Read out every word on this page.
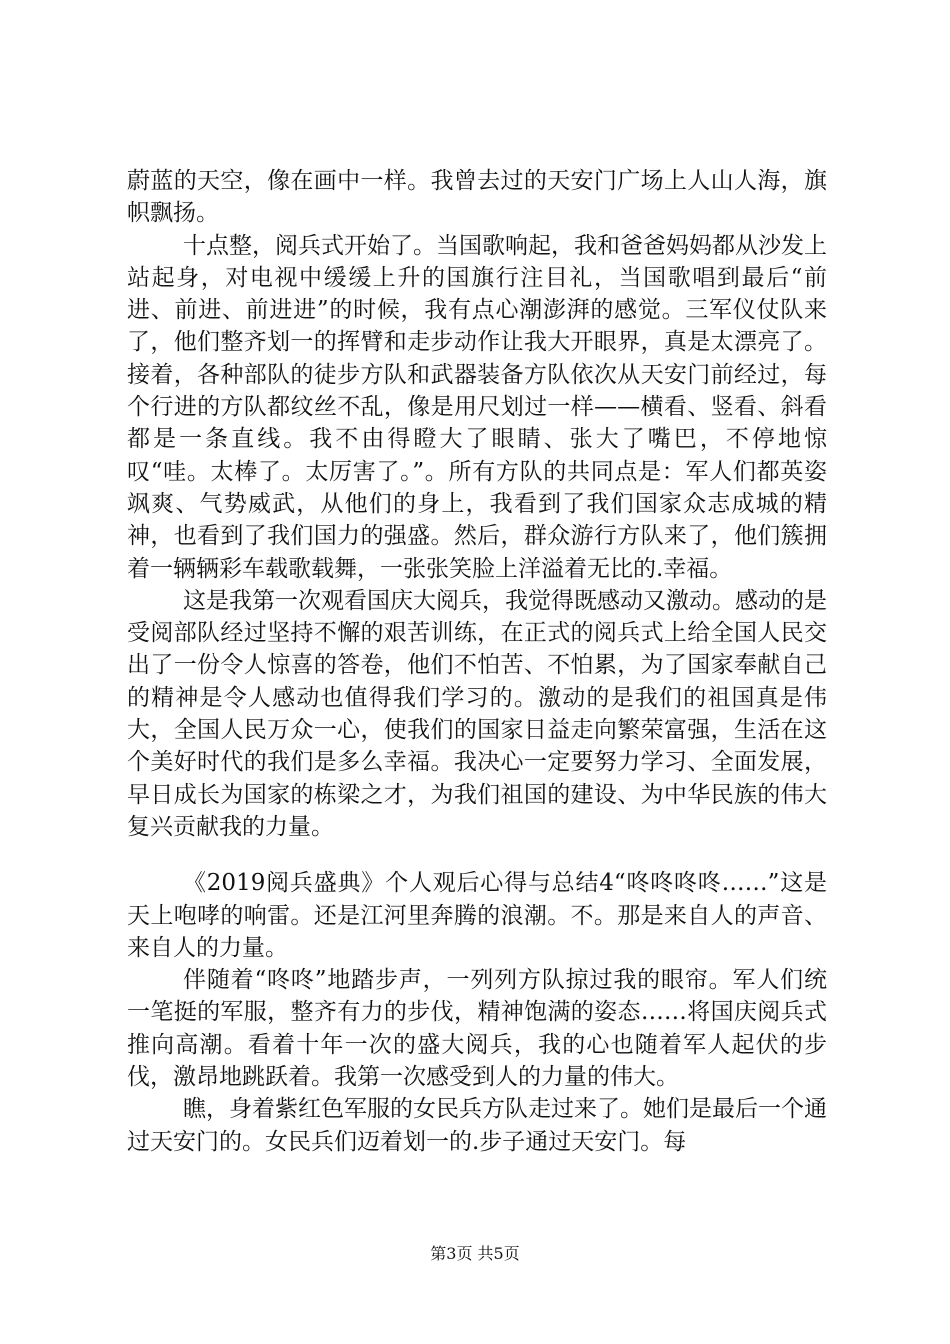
蔚蓝的天空，像在画中一样。我曾去过的天安门广场上人山人海，旗帜飘扬。

十点整，阅兵式开始了。当国歌响起，我和爸爸妈妈都从沙发上站起身，对电视中缓缓上升的国旗行注目礼，当国歌唱到最后“前进、前进、前进进”的时候，我有点心潮澎湃的感觉。三军仪仗队来了，他们整齐划一的挥臂和走步动作让我大开眼界，真是太漂亮了。接着，各种部队的徒步方队和武器装备方队依次从天安门前经过，每个行进的方队都纹丝不乱，像是用尺划过一样——横看、竖看、斜看都是一条直线。我不由得瞪大了眼睛、张大了嘴巴，不停地惊叹“哇。太棒了。太厉害了。”。所有方队的共同点是：军人们都英姿飒爽、气势威武，从他们的身上，我看到了我们国家众志成城的精神，也看到了我们国力的强盛。然后，群众游行方队来了，他们簇拥着一辆辆彩车载歌载舞，一张张笑脸上洋溢着无比的.幸福。

这是我第一次观看国庆大阅兵，我觉得既感动又激动。感动的是受阅部队经过坚持不懈的艰苦训练，在正式的阅兵式上给全国人民交出了一份令人惊喜的答卷，他们不怕苦、不怕累，为了国家奉献自己的精神是令人感动也值得我们学习的。激动的是我们的祖国真是伟大，全国人民万众一心，使我们的国家日益走向繁荣富强，生活在这个美好时代的我们是多么幸福。我决心一定要努力学习、全面发展，早日成长为国家的栋梁之才，为我们祖国的建设、为中华民族的伟大复兴贡献我的力量。

《2019阅兵盛典》个人观后心得与总结4“咚咚咚咚……”这是天上咆哮的响雷。还是江河里奔腾的浪潮。不。那是来自人的声音、来自人的力量。

伴随着“咚咚”地踏步声，一列列方队掠过我的眼帘。军人们统一笔挺的军服，整齐有力的步伐，精神饱满的姿态……将国庆阅兵式推向高潮。看着十年一次的盛大阅兵，我的心也随着军人起伏的步伐，激昂地跳跃着。我第一次感受到人的力量的伟大。

瞧，身着紫红色军服的女民兵方队走过来了。她们是最后一个通过天安门的。女民兵们迈着划一的.步子通过天安门。每

第3页 共5页
